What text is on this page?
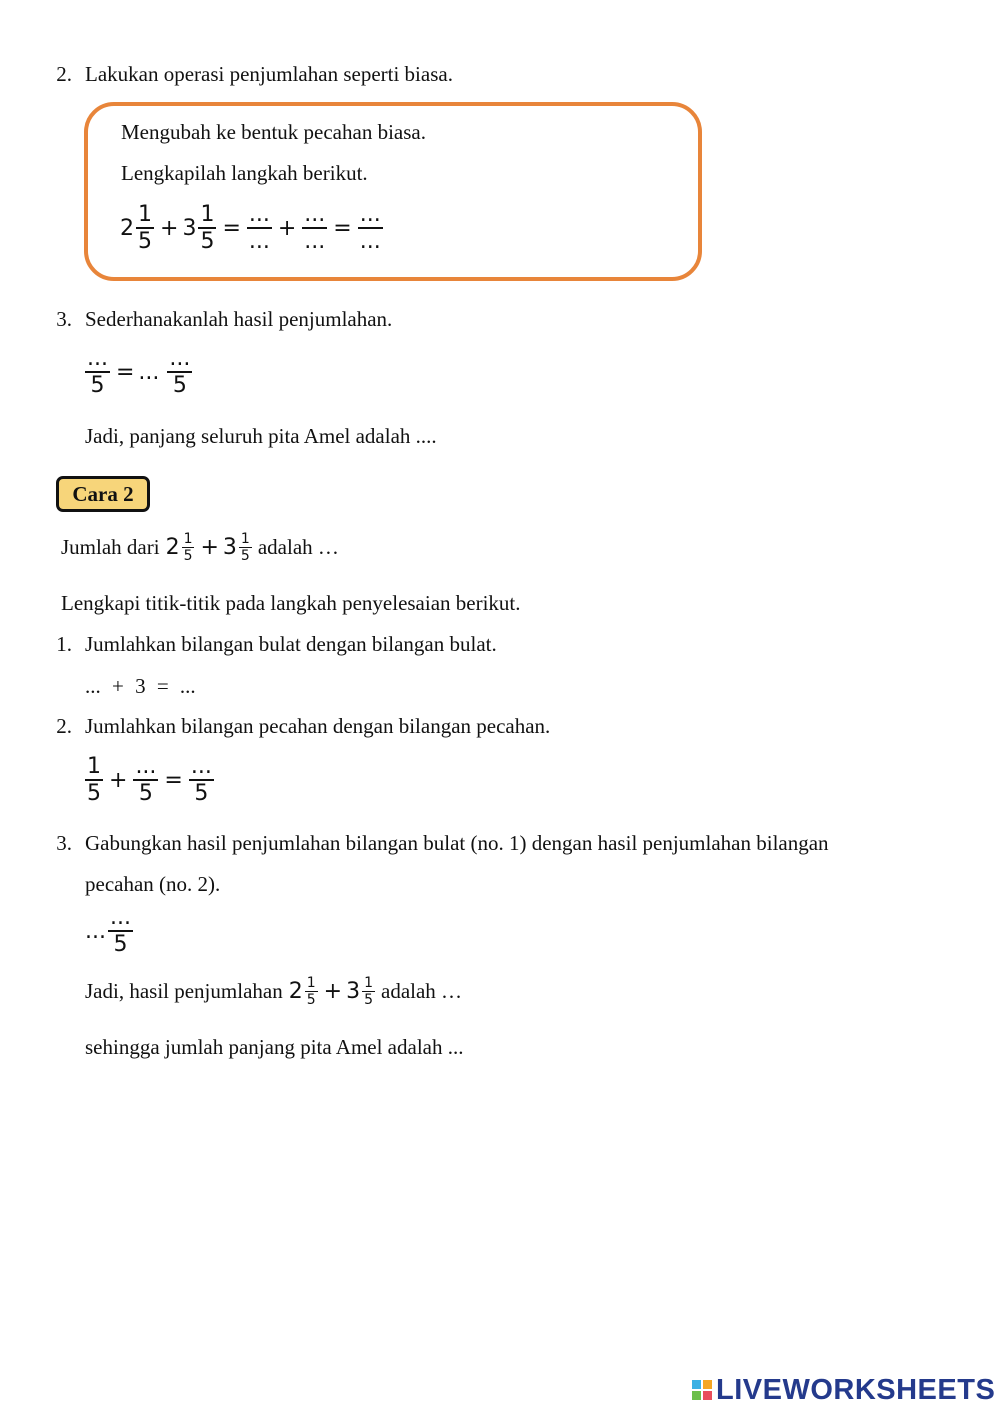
2. Lakukan operasi penjumlahan seperti biasa.
Mengubah ke bentuk pecahan biasa.
Lengkapilah langkah berikut.
$2 \frac{1}{5} + 3 \frac{1}{5} = \frac{...}{...} + \frac{...}{...} = \frac{...}{...}$
3. Sederhanakanlah hasil penjumlahan.
$\frac{...}{5}$ = ... $\frac{...}{5}$
Jadi, panjang seluruh pita Amel adalah ....
Cara 2
Jumlah dari $2 \frac{1}{5} + 3 \frac{1}{5}$ adalah …
Lengkapi titik-titik pada langkah penyelesaian berikut.
1. Jumlahkan bilangan bulat dengan bilangan bulat.
... + 3 = ...
2. Jumlahkan bilangan pecahan dengan bilangan pecahan.
$\frac{1}{5} + \frac{...}{5} = \frac{...}{5}$
3. Gabungkan hasil penjumlahan bilangan bulat (no. 1) dengan hasil penjumlahan bilangan
pecahan (no. 2).
... $\frac{...}{5}$
Jadi, hasil penjumlahan $2 \frac{1}{5} + 3 \frac{1}{5}$ adalah …
sehingga jumlah panjang pita Amel adalah ...
LIVEWORKSHEETS
